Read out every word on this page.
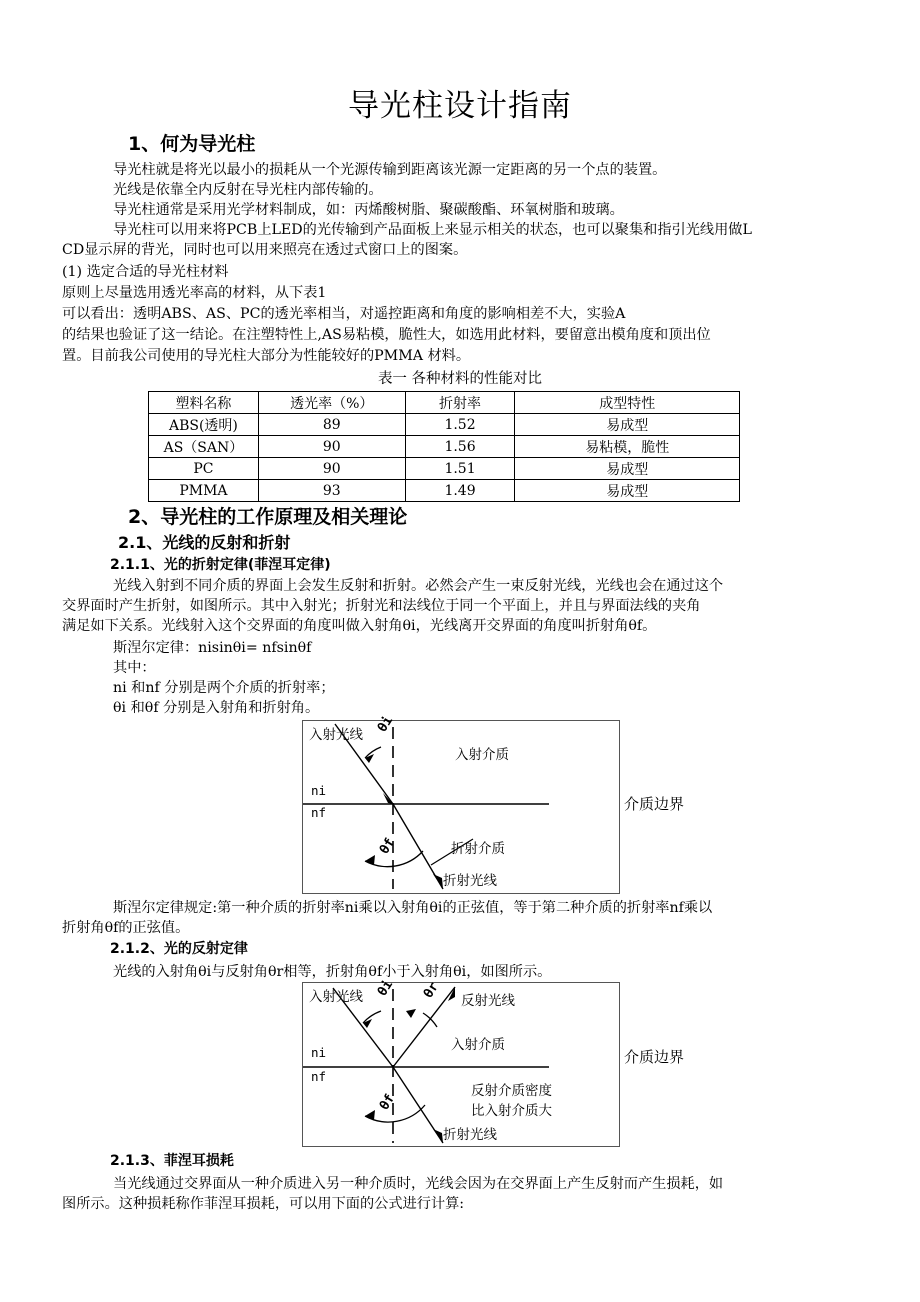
导光柱设计指南
1、何为导光柱
导光柱就是将光以最小的损耗从一个光源传输到距离该光源一定距离的另一个点的装置。
光线是依靠全内反射在导光柱内部传输的。
导光柱通常是采用光学材料制成，如：丙烯酸树脂、聚碳酸酯、环氧树脂和玻璃。
导光柱可以用来将PCB上LED的光传输到产品面板上来显示相关的状态，也可以聚集和指引光线用做L
CD显示屏的背光，同时也可以用来照亮在透过式窗口上的图案。
(1) 选定合适的导光柱材料
原则上尽量选用透光率高的材料，从下表1
可以看出：透明ABS、AS、PC的透光率相当，对遥控距离和角度的影响相差不大，实验A
的结果也验证了这一结论。在注塑特性上,AS易粘模，脆性大，如选用此材料，要留意出模角度和顶出位
置。目前我公司使用的导光柱大部分为性能较好的PMMA 材料。
表一 各种材料的性能对比
塑料名称	透光率（%）	折射率	成型特性
ABS(透明)	89	1.52	易成型
AS（SAN）	90	1.56	易粘模，脆性
PC	90	1.51	易成型
PMMA	93	1.49	易成型
2、导光柱的工作原理及相关理论
2.1、光线的反射和折射
2.1.1、光的折射定律(菲涅耳定律)
光线入射到不同介质的界面上会发生反射和折射。必然会产生一束反射光线，光线也会在通过这个
交界面时产生折射，如图所示。其中入射光；折射光和法线位于同一个平面上，并且与界面法线的夹角
满足如下关系。光线射入这个交界面的角度叫做入射角θi，光线离开交界面的角度叫折射角θf。
斯涅尔定律：nisinθi= nfsinθf
其中：
ni 和nf 分别是两个介质的折射率；
θi 和θf 分别是入射角和折射角。
入射光线
入射介质
ni
nf
折射介质
折射光线
θi
θf
介质边界
斯涅尔定律规定:第一种介质的折射率ni乘以入射角θi的正弦值，等于第二种介质的折射率nf乘以
折射角θf的正弦值。
2.1.2、光的反射定律
光线的入射角θi与反射角θr相等，折射角θf小于入射角θi，如图所示。
入射光线	反射光线
入射介质
ni
nf
反射介质密度
比入射介质大
折射光线
θi θr
θf
介质边界
2.1.3、菲涅耳损耗
当光线通过交界面从一种介质进入另一种介质时，光线会因为在交界面上产生反射而产生损耗，如
图所示。这种损耗称作菲涅耳损耗，可以用下面的公式进行计算:
